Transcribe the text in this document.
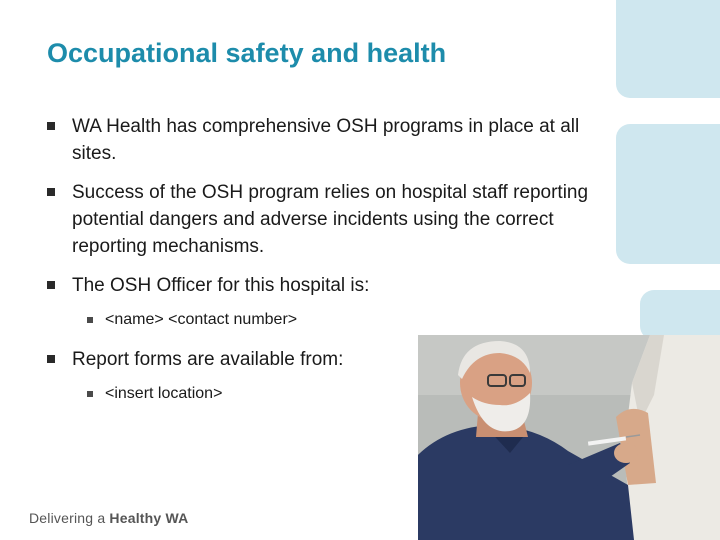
Occupational safety and health
WA Health has comprehensive OSH programs in place at all sites.
Success of the OSH program relies on hospital staff reporting potential dangers and adverse incidents using the correct reporting mechanisms.
The OSH Officer for this hospital is:
<name> <contact number>
Report forms are available from:
<insert location>
Delivering a Healthy WA
